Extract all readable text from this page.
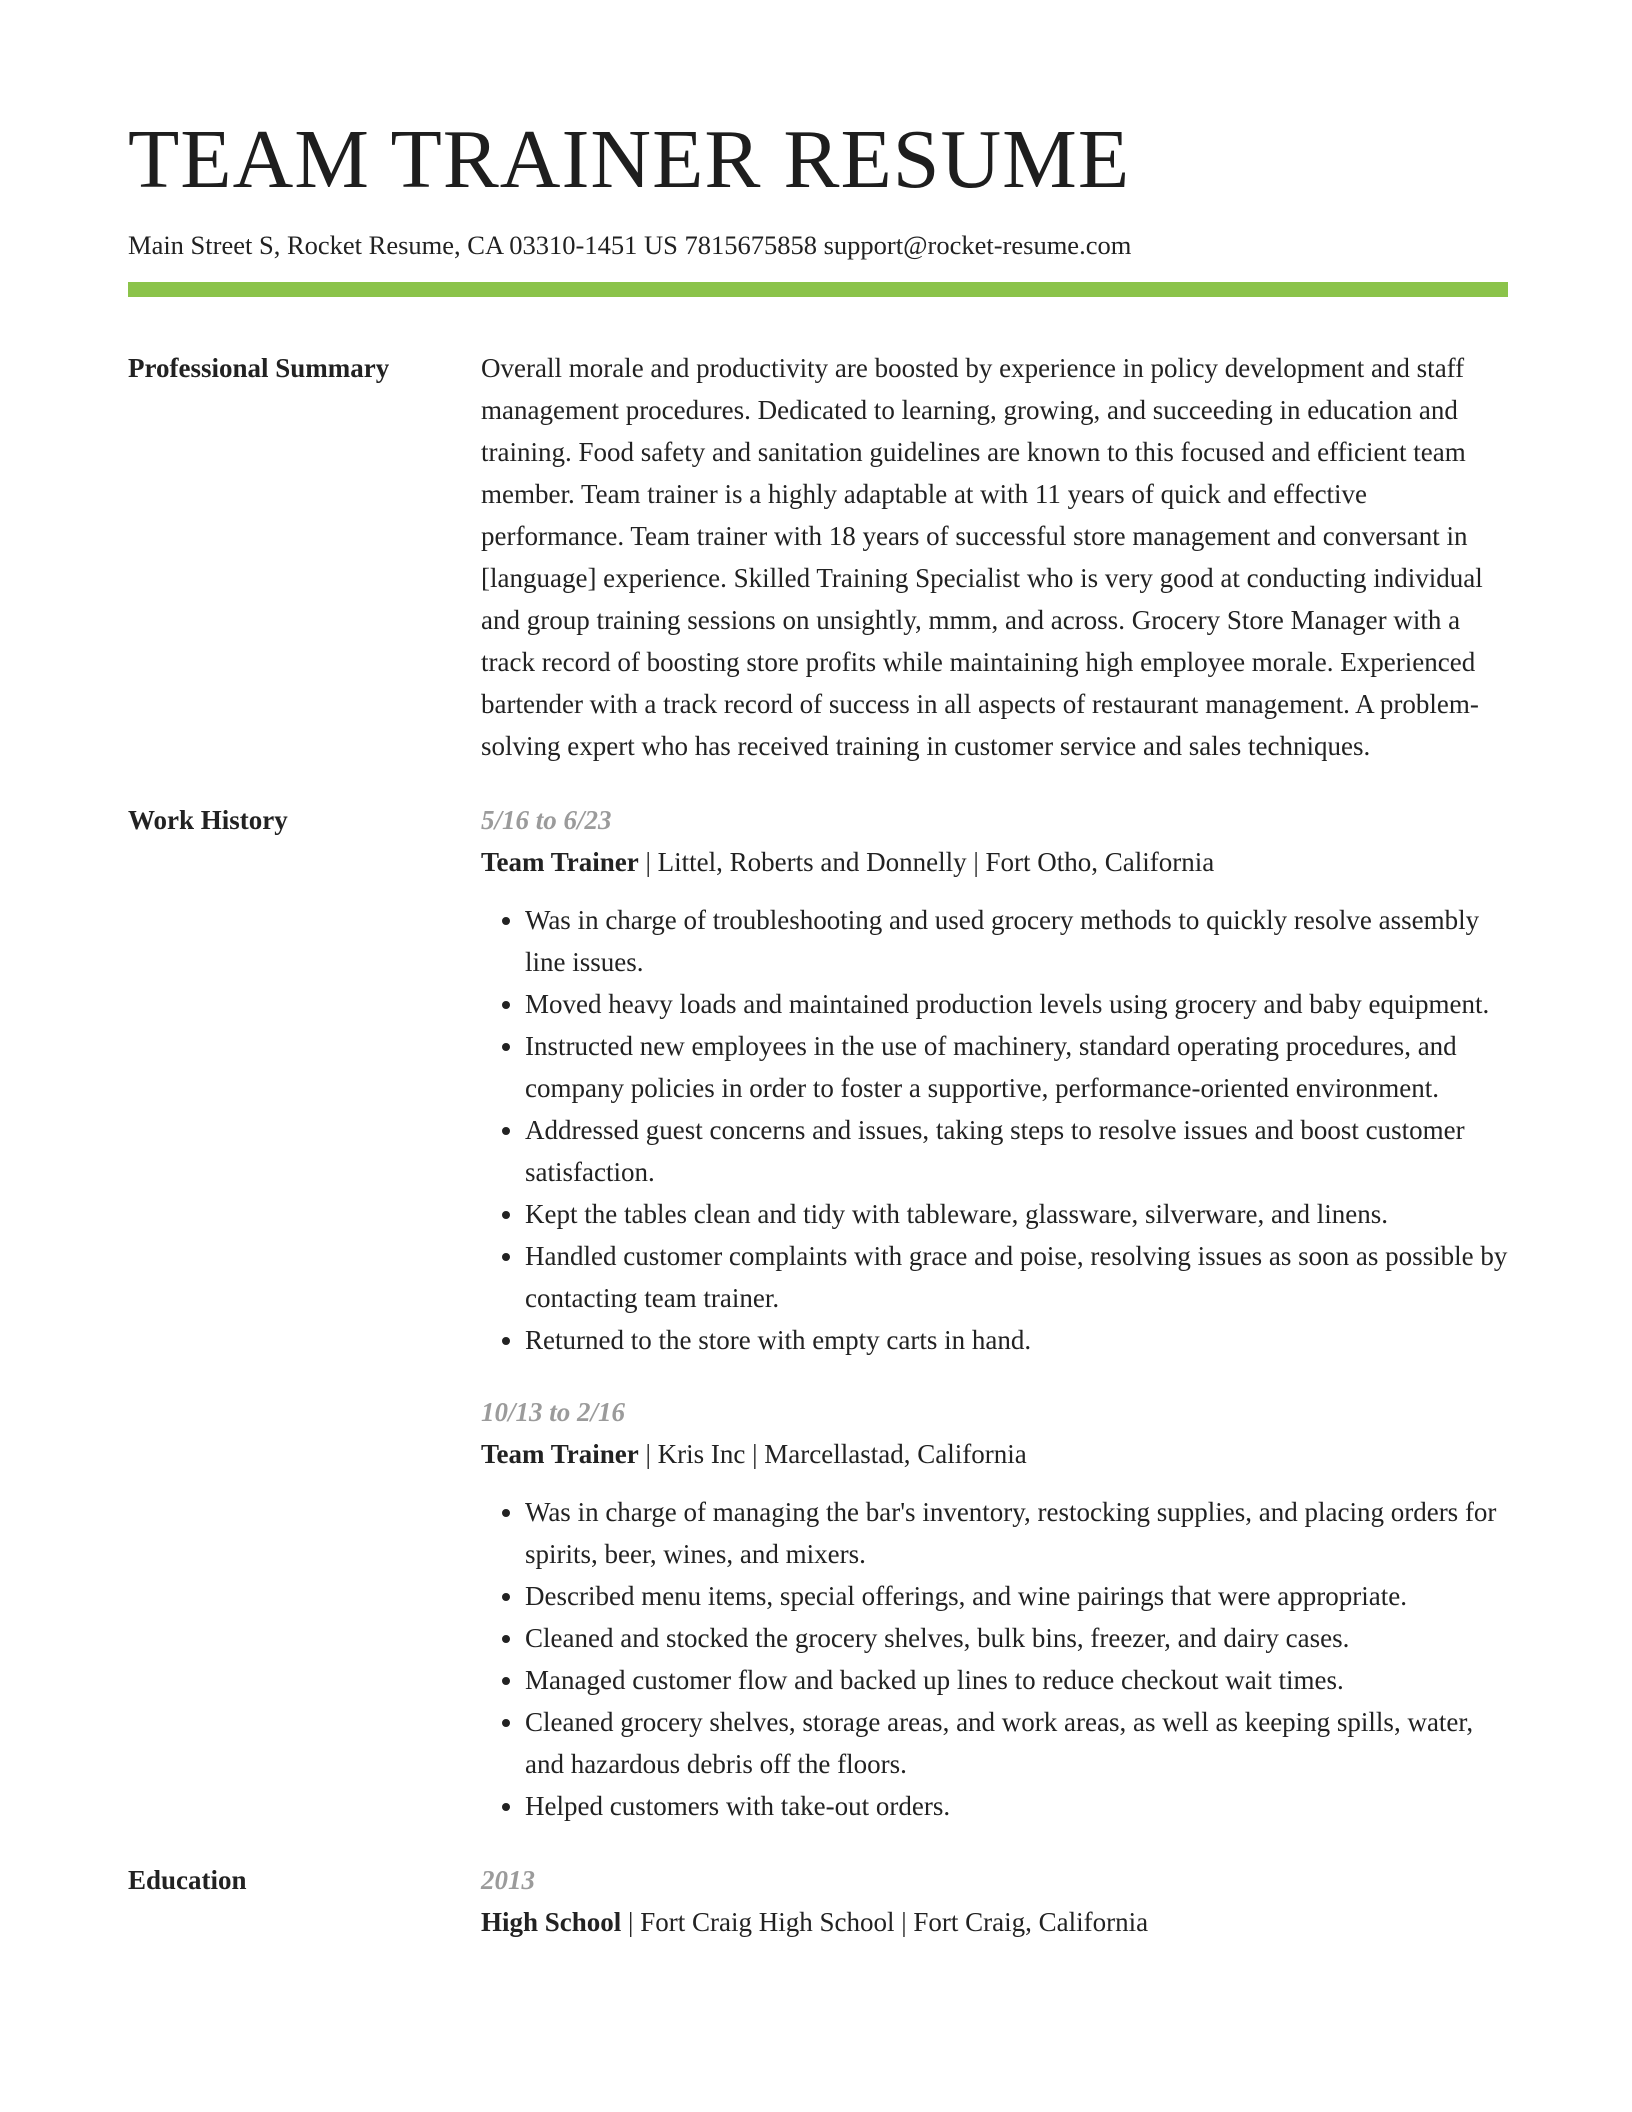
TEAM TRAINER RESUME
Main Street S, Rocket Resume, CA 03310-1451 US 7815675858 support@rocket-resume.com
Professional Summary	Overall morale and productivity are boosted by experience in policy development and staff management procedures. Dedicated to learning, growing, and succeeding in education and training. Food safety and sanitation guidelines are known to this focused and efficient team member. Team trainer is a highly adaptable at with 11 years of quick and effective performance. Team trainer with 18 years of successful store management and conversant in [language] experience. Skilled Training Specialist who is very good at conducting individual and group training sessions on unsightly, mmm, and across. Grocery Store Manager with a track record of boosting store profits while maintaining high employee morale. Experienced bartender with a track record of success in all aspects of restaurant management. A problem-solving expert who has received training in customer service and sales techniques.
Work History	5/16 to 6/23
Team Trainer | Littel, Roberts and Donnelly | Fort Otho, California
• Was in charge of troubleshooting and used grocery methods to quickly resolve assembly line issues.
• Moved heavy loads and maintained production levels using grocery and baby equipment.
• Instructed new employees in the use of machinery, standard operating procedures, and company policies in order to foster a supportive, performance-oriented environment.
• Addressed guest concerns and issues, taking steps to resolve issues and boost customer satisfaction.
• Kept the tables clean and tidy with tableware, glassware, silverware, and linens.
• Handled customer complaints with grace and poise, resolving issues as soon as possible by contacting team trainer.
• Returned to the store with empty carts in hand.
10/13 to 2/16
Team Trainer | Kris Inc | Marcellastad, California
• Was in charge of managing the bar's inventory, restocking supplies, and placing orders for spirits, beer, wines, and mixers.
• Described menu items, special offerings, and wine pairings that were appropriate.
• Cleaned and stocked the grocery shelves, bulk bins, freezer, and dairy cases.
• Managed customer flow and backed up lines to reduce checkout wait times.
• Cleaned grocery shelves, storage areas, and work areas, as well as keeping spills, water, and hazardous debris off the floors.
• Helped customers with take-out orders.
Education	2013
High School | Fort Craig High School | Fort Craig, California
